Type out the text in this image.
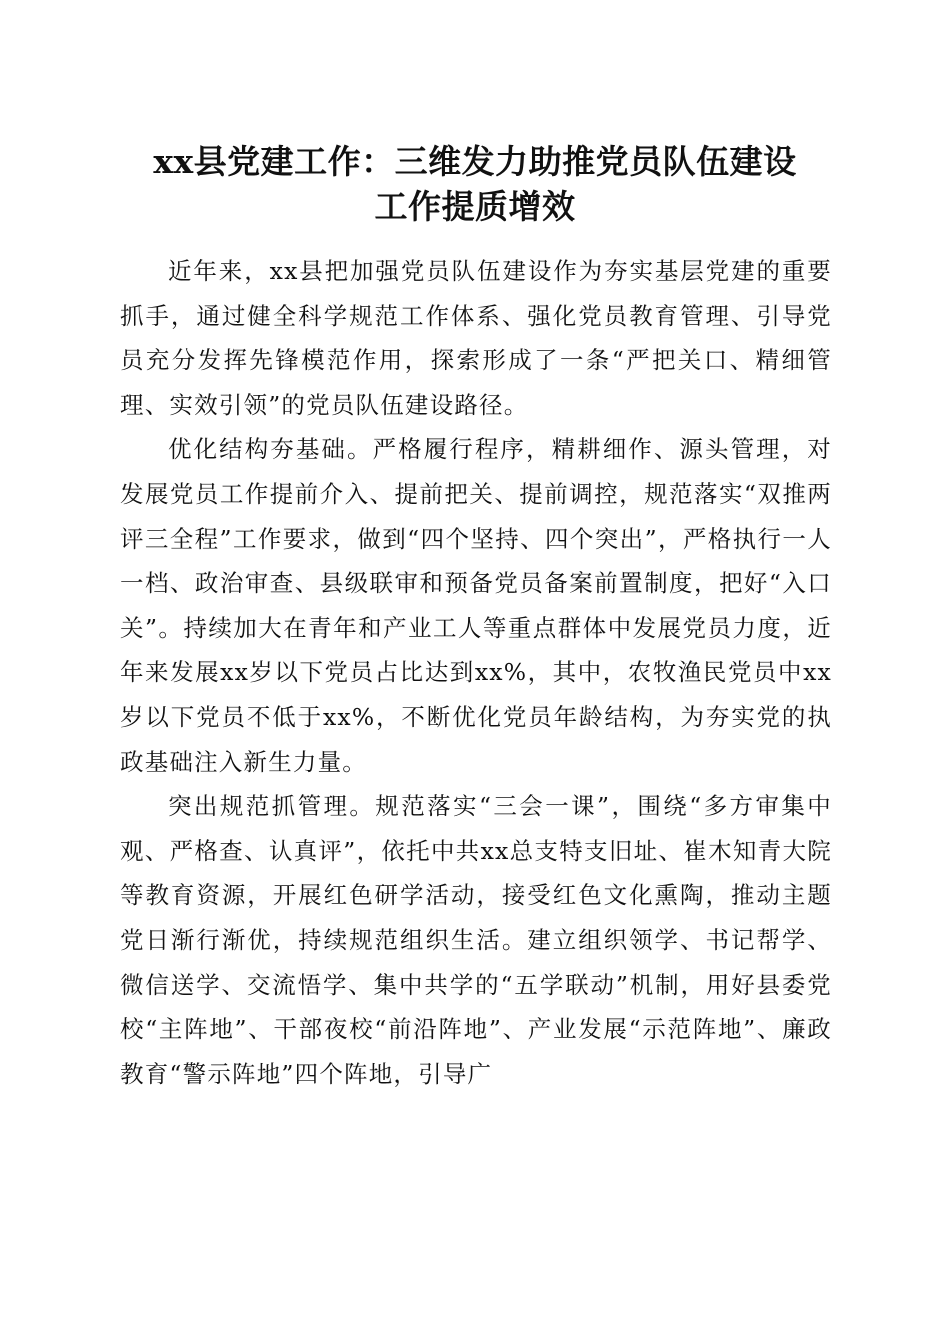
xx县党建工作：三维发力助推党员队伍建设
工作提质增效

近年来，xx县把加强党员队伍建设作为夯实基层党建的重要抓手，通过健全科学规范工作体系、强化党员教育管理、引导党员充分发挥先锋模范作用，探索形成了一条“严把关口、精细管理、实效引领”的党员队伍建设路径。

优化结构夯基础。严格履行程序，精耕细作、源头管理，对发展党员工作提前介入、提前把关、提前调控，规范落实“双推两评三全程”工作要求，做到“四个坚持、四个突出”，严格执行一人一档、政治审查、县级联审和预备党员备案前置制度，把好“入口关”。持续加大在青年和产业工人等重点群体中发展党员力度，近年来发展xx岁以下党员占比达到xx%，其中，农牧渔民党员中xx岁以下党员不低于xx%，不断优化党员年龄结构，为夯实党的执政基础注入新生力量。

突出规范抓管理。规范落实“三会一课”，围绕“多方审集中观、严格查、认真评”，依托中共xx总支特支旧址、崔木知青大院等教育资源，开展红色研学活动，接受红色文化熏陶，推动主题党日渐行渐优，持续规范组织生活。建立组织领学、书记帮学、微信送学、交流悟学、集中共学的“五学联动”机制，用好县委党校“主阵地”、干部夜校“前沿阵地”、产业发展“示范阵地”、廉政教育“警示阵地”四个阵地，引导广
